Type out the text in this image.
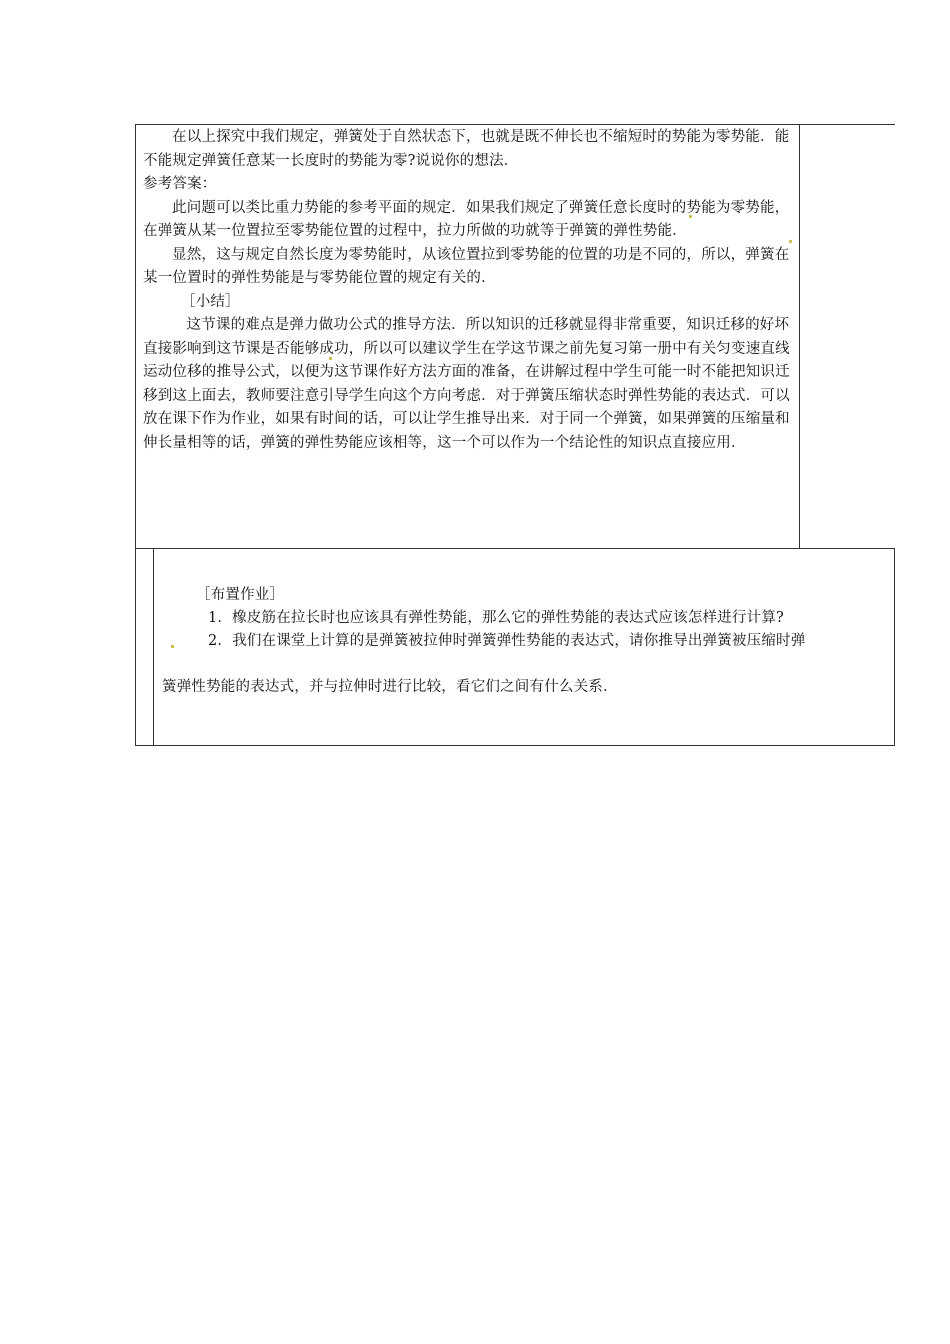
在以上探究中我们规定，弹簧处于自然状态下，也就是既不伸长也不缩短时的势能为零势能．能不能规定弹簧任意某一长度时的势能为零?说说你的想法．

参考答案：

此问题可以类比重力势能的参考平面的规定．如果我们规定了弹簧任意长度时的势能为零势能，在弹簧从某一位置拉至零势能位置的过程中，拉力所做的功就等于弹簧的弹性势能．

显然，这与规定自然长度为零势能时，从该位置拉到零势能的位置的功是不同的，所以，弹簧在某一位置时的弹性势能是与零势能位置的规定有关的．

［小结］

这节课的难点是弹力做功公式的推导方法．所以知识的迁移就显得非常重要，知识迁移的好坏直接影响到这节课是否能够成功，所以可以建议学生在学这节课之前先复习第一册中有关匀变速直线运动位移的推导公式，以便为这节课作好方法方面的准备，在讲解过程中学生可能一时不能把知识迁移到这上面去，教师要注意引导学生向这个方向考虑．对于弹簧压缩状态时弹性势能的表达式．可以放在课下作为作业，如果有时间的话，可以让学生推导出来．对于同一个弹簧，如果弹簧的压缩量和伸长量相等的话，弹簧的弹性势能应该相等，这一个可以作为一个结论性的知识点直接应用．

［布置作业］
1．橡皮筋在拉长时也应该具有弹性势能，那么它的弹性势能的表达式应该怎样进行计算?
2．我们在课堂上计算的是弹簧被拉伸时弹簧弹性势能的表达式，请你推导出弹簧被压缩时弹
簧弹性势能的表达式，并与拉伸时进行比较，看它们之间有什么关系．
